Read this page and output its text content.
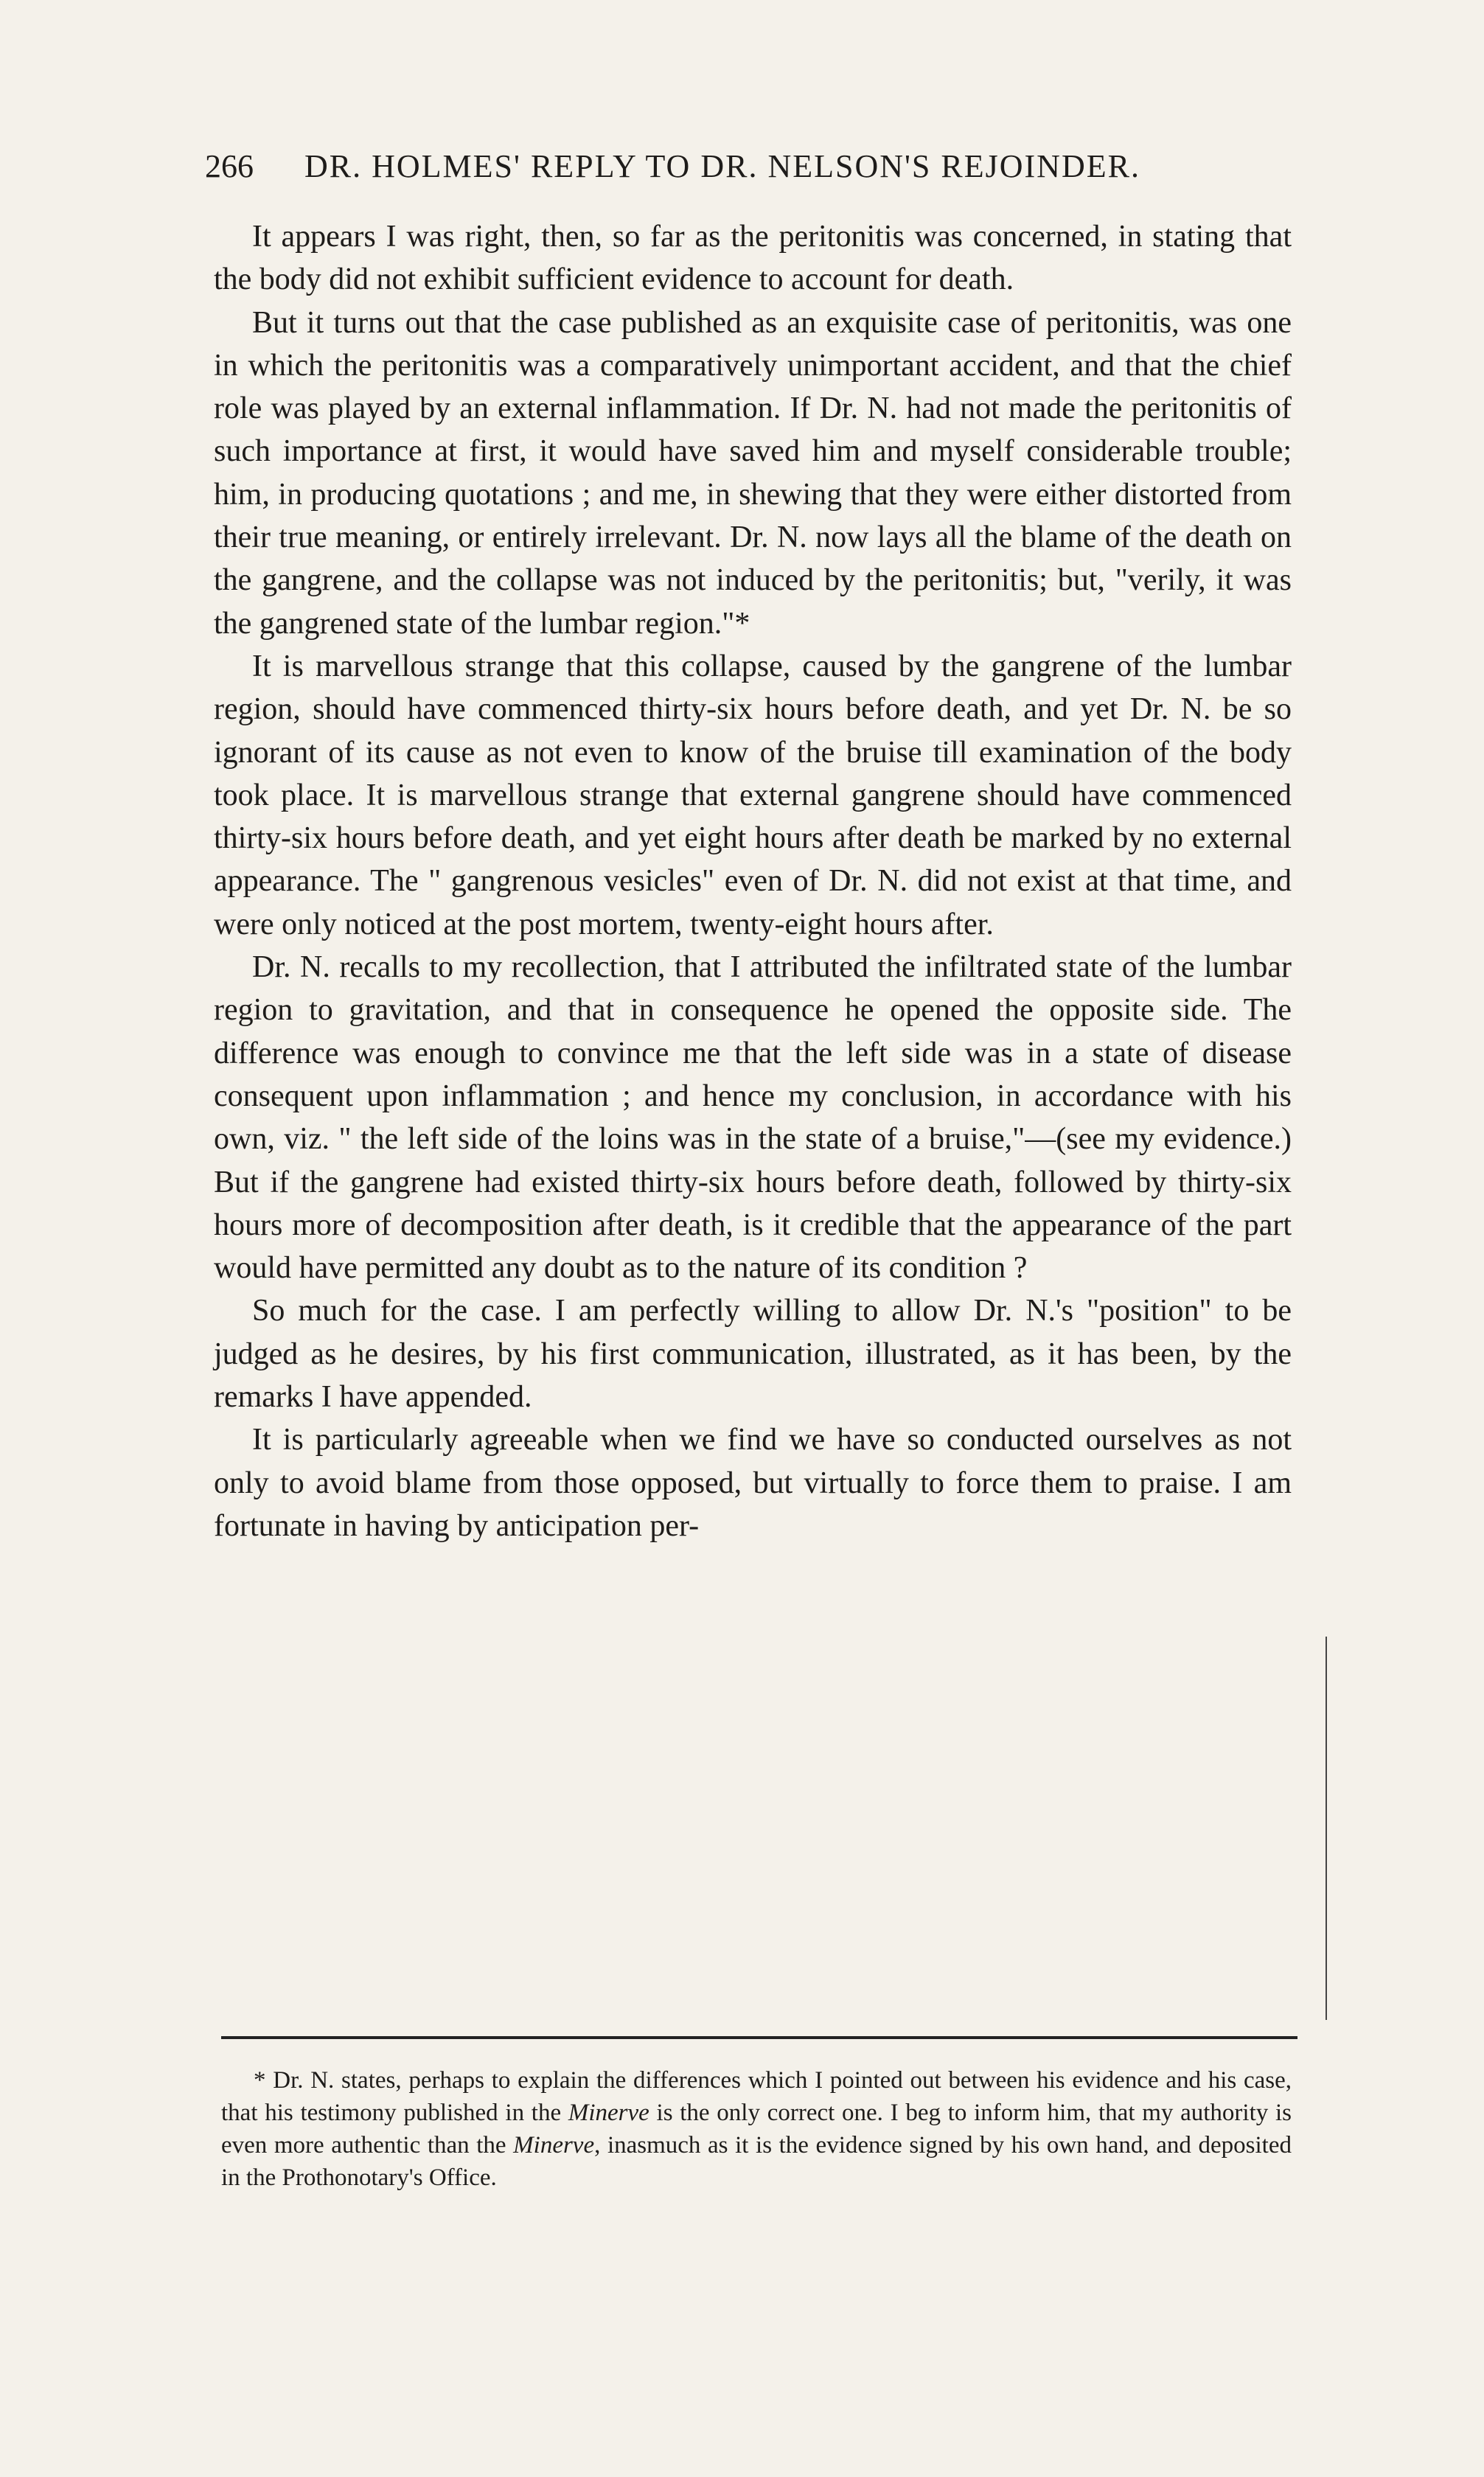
266 DR. HOLMES' REPLY TO DR. NELSON'S REJOINDER.

It appears I was right, then, so far as the peritonitis was concerned, in stating that the body did not exhibit sufficient evidence to account for death.

But it turns out that the case published as an exquisite case of peritonitis, was one in which the peritonitis was a comparatively unimportant accident, and that the chief role was played by an external inflammation. If Dr. N. had not made the peritonitis of such importance at first, it would have saved him and myself considerable trouble; him, in producing quotations ; and me, in shewing that they were either distorted from their true meaning, or entirely irrelevant. Dr. N. now lays all the blame of the death on the gangrene, and the collapse was not induced by the peritonitis; but, "verily, it was the gangrened state of the lumbar region."*

It is marvellous strange that this collapse, caused by the gangrene of the lumbar region, should have commenced thirty-six hours before death, and yet Dr. N. be so ignorant of its cause as not even to know of the bruise till examination of the body took place. It is marvellous strange that external gangrene should have commenced thirty-six hours before death, and yet eight hours after death be marked by no external appearance. The " gangrenous vesicles" even of Dr. N. did not exist at that time, and were only noticed at the post mortem, twenty-eight hours after.

Dr. N. recalls to my recollection, that I attributed the infiltrated state of the lumbar region to gravitation, and that in consequence he opened the opposite side. The difference was enough to convince me that the left side was in a state of disease consequent upon inflammation ; and hence my conclusion, in accordance with his own, viz. " the left side of the loins was in the state of a bruise,"—(see my evidence.) But if the gangrene had existed thirty-six hours before death, followed by thirty-six hours more of decomposition after death, is it credible that the appearance of the part would have permitted any doubt as to the nature of its condition ?

So much for the case. I am perfectly willing to allow Dr. N.'s "position" to be judged as he desires, by his first communication, illustrated, as it has been, by the remarks I have appended.

It is particularly agreeable when we find we have so conducted ourselves as not only to avoid blame from those opposed, but virtually to force them to praise. I am fortunate in having by anticipation per-

* Dr. N. states, perhaps to explain the differences which I pointed out between his evidence and his case, that his testimony published in the Minerve is the only correct one. I beg to inform him, that my authority is even more authentic than the Minerve, inasmuch as it is the evidence signed by his own hand, and deposited in the Prothonotary's Office.
